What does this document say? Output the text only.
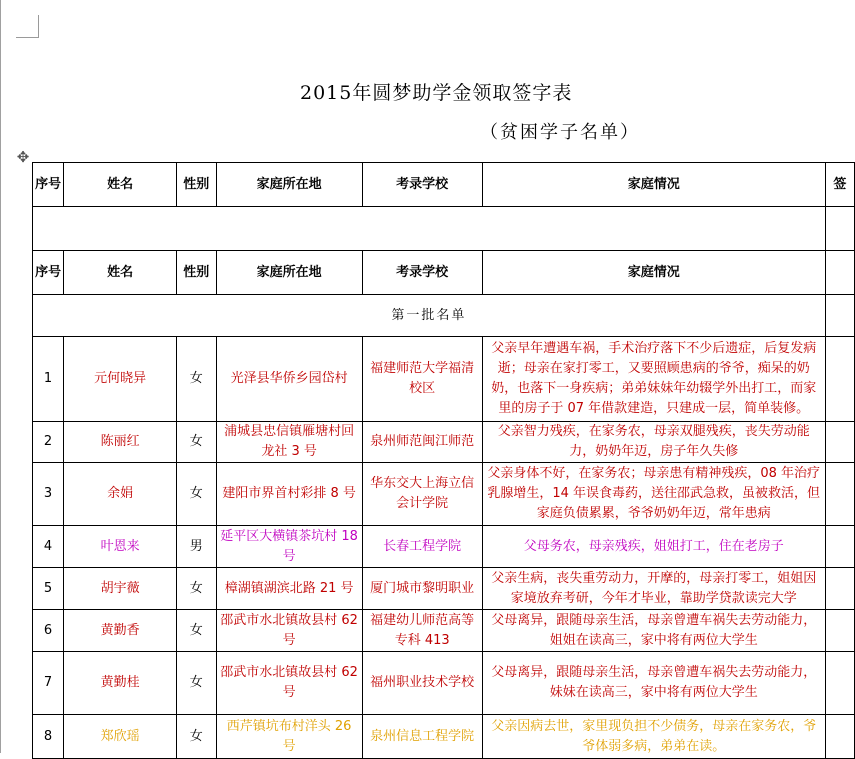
✥
2015年圆梦助学金领取签字表
（贫困学子名单）
序号	姓名	性别	家庭所在地	考录学校	家庭情况	签

序号	姓名	性别	家庭所在地	考录学校	家庭情况	
第一批名单						
1	元何晓异	女	光泽县华侨乡园岱村	福建师范大学福清校区	父亲早年遭遇车祸，手术治疗落下不少后遗症，后复发病逝；母亲在家打零工，又要照顾患病的爷爷，痴呆的奶奶，也落下一身疾病；弟弟妹妹年幼辍学外出打工，而家里的房子于 07 年借款建造，只建成一层，简单装修。	
2	陈丽红	女	浦城县忠信镇雁塘村回龙社 3 号	泉州师范闽江师范	父亲智力残疾，在家务农，母亲双腿残疾，丧失劳动能力，奶奶年迈，房子年久失修	
3	余娟	女	建阳市界首村彩排 8 号	华东交大上海立信会计学院	父亲身体不好，在家务农；母亲患有精神残疾，08 年治疗乳腺增生，14 年误食毒药，送往邵武急救，虽被救活，但家庭负债累累，爷爷奶奶年迈，常年患病	
4	叶恩来	男	延平区大横镇茶坑村 18 号	长春工程学院	父母务农，母亲残疾，姐姐打工，住在老房子	
5	胡宇薇	女	樟湖镇湖滨北路 21 号	厦门城市黎明职业	父亲生病，丧失重劳动力，开摩的，母亲打零工，姐姐因家境放弃考研，今年才毕业，靠助学贷款读完大学	
6	黄勤香	女	邵武市水北镇故县村 62 号	福建幼儿师范高等专科 413	父母离异，跟随母亲生活，母亲曾遭车祸失去劳动能力，姐姐在读高三，家中将有两位大学生	
7	黄勤桂	女	邵武市水北镇故县村 62 号	福州职业技术学校	父母离异，跟随母亲生活，母亲曾遭车祸失去劳动能力，妹妹在读高三，家中将有两位大学生	
8	郑欣瑶	女	西芹镇坑布村洋头 26 号	泉州信息工程学院	父亲因病去世，家里现负担不少债务，母亲在家务农，爷爷体弱多病，弟弟在读。	
